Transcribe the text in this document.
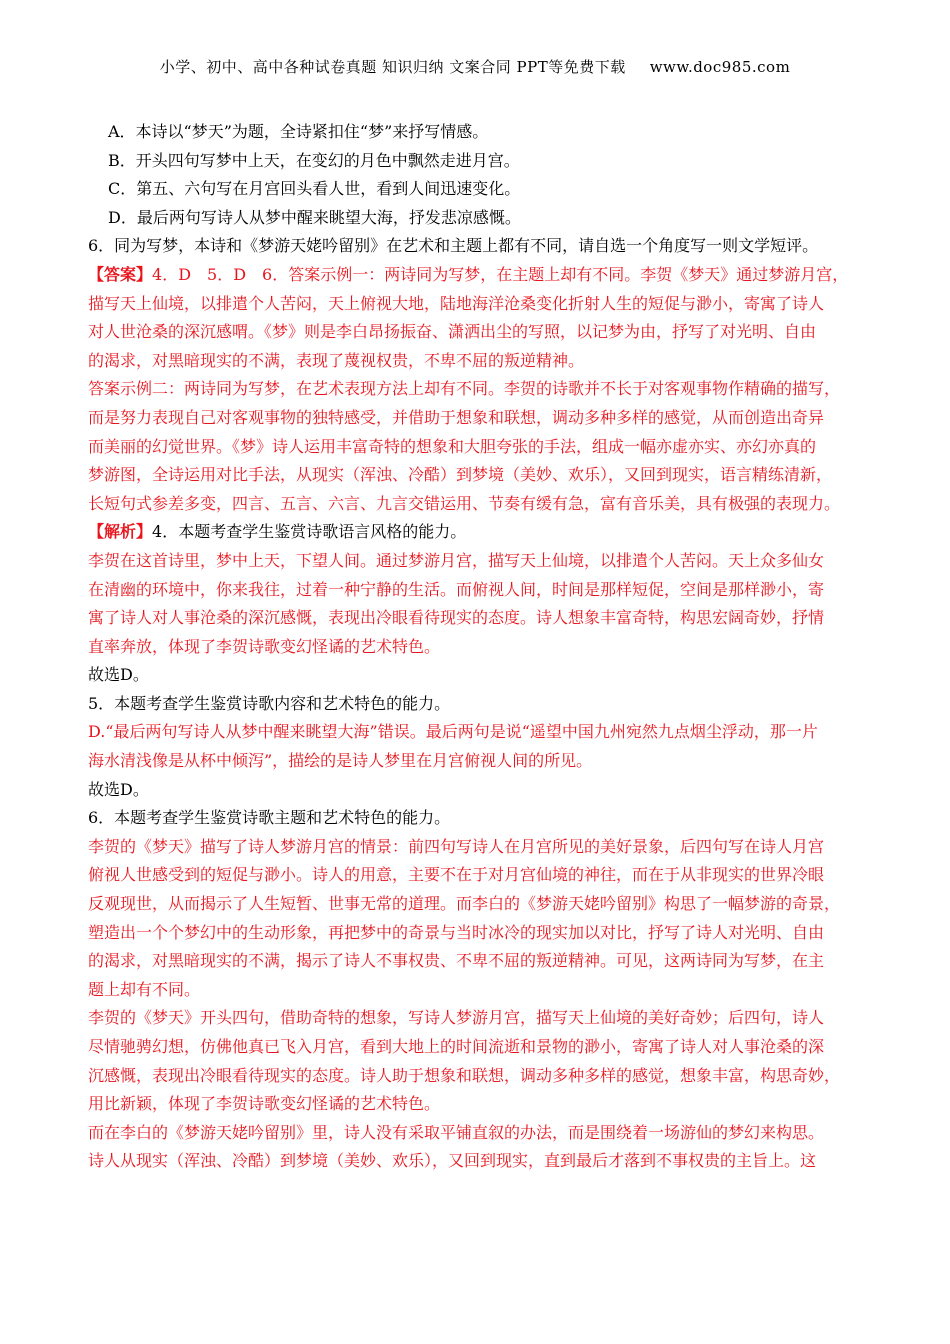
小学、初中、高中各种试卷真题 知识归纳 文案合同 PPT等免费下载 www.doc985.com

A．本诗以“梦天”为题，全诗紧扣住“梦”来抒写情感。

B．开头四句写梦中上天，在变幻的月色中飘然走进月宫。

C．第五、六句写在月宫回头看人世，看到人间迅速变化。

D．最后两句写诗人从梦中醒来眺望大海，抒发悲凉感慨。

6．同为写梦，本诗和《梦游天姥吟留别》在艺术和主题上都有不同，请自选一个角度写一则文学短评。

【答案】4．D　5．D　6．答案示例一：两诗同为写梦，在主题上却有不同。李贺《梦天》通过梦游月宫，

描写天上仙境，以排遣个人苦闷，天上俯视大地，陆地海洋沧桑变化折射人生的短促与渺小，寄寓了诗人

对人世沧桑的深沉感喟。《梦》则是李白昂扬振奋、潇洒出尘的写照，以记梦为由，抒写了对光明、自由

的渴求，对黑暗现实的不满，表现了蔑视权贵，不卑不屈的叛逆精神。

答案示例二：两诗同为写梦，在艺术表现方法上却有不同。李贺的诗歌并不长于对客观事物作精确的描写，

而是努力表现自己对客观事物的独特感受，并借助于想象和联想，调动多种多样的感觉，从而创造出奇异

而美丽的幻觉世界。《梦》诗人运用丰富奇特的想象和大胆夸张的手法，组成一幅亦虚亦实、亦幻亦真的

梦游图，全诗运用对比手法，从现实（浑浊、冷酷）到梦境（美妙、欢乐），又回到现实，语言精练清新，

长短句式参差多变，四言、五言、六言、九言交错运用、节奏有缓有急，富有音乐美，具有极强的表现力。

【解析】4．本题考查学生鉴赏诗歌语言风格的能力。

李贺在这首诗里，梦中上天，下望人间。通过梦游月宫，描写天上仙境，以排遣个人苦闷。天上众多仙女

在清幽的环境中，你来我往，过着一种宁静的生活。而俯视人间，时间是那样短促，空间是那样渺小，寄

寓了诗人对人事沧桑的深沉感慨，表现出冷眼看待现实的态度。诗人想象丰富奇特，构思宏阔奇妙，抒情

直率奔放，体现了李贺诗歌变幻怪谲的艺术特色。

故选D。

5．本题考查学生鉴赏诗歌内容和艺术特色的能力。

D.“最后两句写诗人从梦中醒来眺望大海”错误。最后两句是说“遥望中国九州宛然九点烟尘浮动，那一片

海水清浅像是从杯中倾泻”，描绘的是诗人梦里在月宫俯视人间的所见。

故选D。

6．本题考查学生鉴赏诗歌主题和艺术特色的能力。

李贺的《梦天》描写了诗人梦游月宫的情景：前四句写诗人在月宫所见的美好景象，后四句写在诗人月宫

俯视人世感受到的短促与渺小。诗人的用意，主要不在于对月宫仙境的神往，而在于从非现实的世界冷眼

反观现世，从而揭示了人生短暂、世事无常的道理。而李白的《梦游天姥吟留别》构思了一幅梦游的奇景，

塑造出一个个梦幻中的生动形象，再把梦中的奇景与当时冰冷的现实加以对比，抒写了诗人对光明、自由

的渴求，对黑暗现实的不满，揭示了诗人不事权贵、不卑不屈的叛逆精神。可见，这两诗同为写梦，在主

题上却有不同。

李贺的《梦天》开头四句，借助奇特的想象，写诗人梦游月宫，描写天上仙境的美好奇妙；后四句，诗人

尽情驰骋幻想，仿佛他真已飞入月宫，看到大地上的时间流逝和景物的渺小，寄寓了诗人对人事沧桑的深

沉感慨，表现出冷眼看待现实的态度。诗人助于想象和联想，调动多种多样的感觉，想象丰富，构思奇妙，

用比新颖，体现了李贺诗歌变幻怪谲的艺术特色。

而在李白的《梦游天姥吟留别》里，诗人没有采取平铺直叙的办法，而是围绕着一场游仙的梦幻来构思。

诗人从现实（浑浊、冷酷）到梦境（美妙、欢乐），又回到现实，直到最后才落到不事权贵的主旨上。这
